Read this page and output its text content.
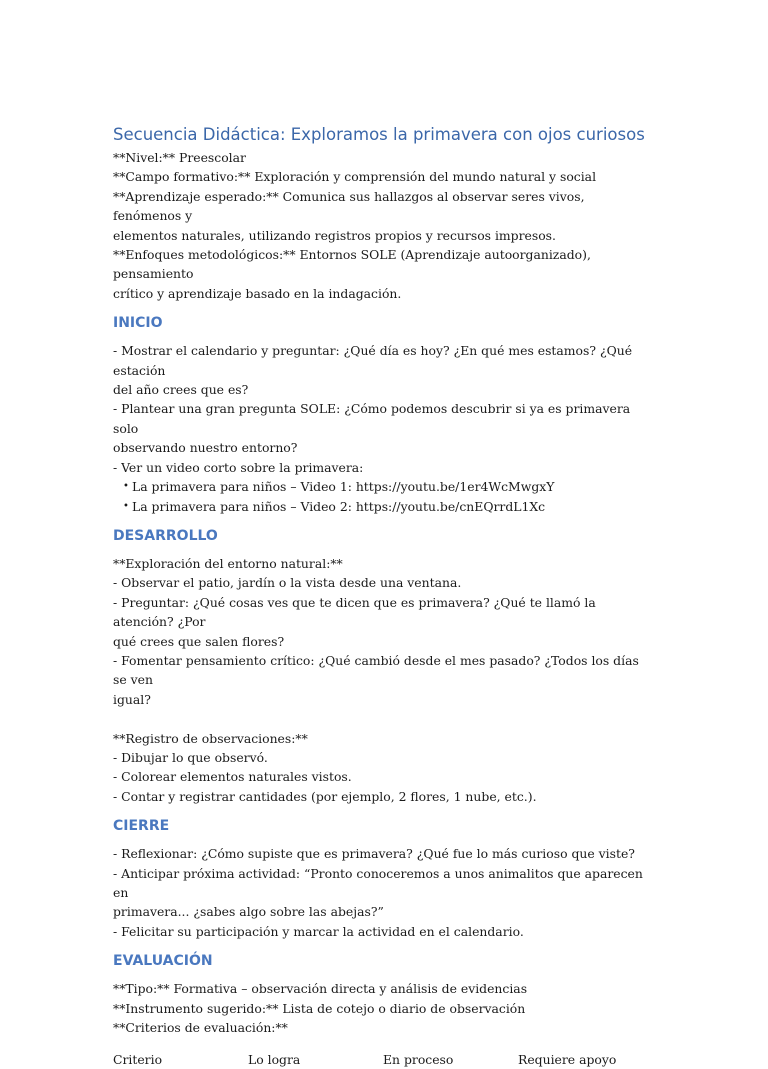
Secuencia Didáctica: Exploramos la primavera con ojos curiosos

**Nivel:** Preescolar

**Campo formativo:** Exploración y comprensión del mundo natural y social

**Aprendizaje esperado:** Comunica sus hallazgos al observar seres vivos, fenómenos y

elementos naturales, utilizando registros propios y recursos impresos.

**Enfoques metodológicos:** Entornos SOLE (Aprendizaje autoorganizado), pensamiento

crítico y aprendizaje basado en la indagación.

INICIO

- Mostrar el calendario y preguntar: ¿Qué día es hoy? ¿En qué mes estamos? ¿Qué estación

del año crees que es?

- Plantear una gran pregunta SOLE: ¿Cómo podemos descubrir si ya es primavera solo

observando nuestro entorno?

- Ver un video corto sobre la primavera:

• La primavera para niños – Video 1: https://youtu.be/1er4WcMwgxY
• La primavera para niños – Video 2: https://youtu.be/cnEQrrdL1Xc
DESARROLLO

**Exploración del entorno natural:**

- Observar el patio, jardín o la vista desde una ventana.

- Preguntar: ¿Qué cosas ves que te dicen que es primavera? ¿Qué te llamó la atención? ¿Por

qué crees que salen flores?

- Fomentar pensamiento crítico: ¿Qué cambió desde el mes pasado? ¿Todos los días se ven

igual?

**Registro de observaciones:**

- Dibujar lo que observó.

- Colorear elementos naturales vistos.

- Contar y registrar cantidades (por ejemplo, 2 flores, 1 nube, etc.).

CIERRE

- Reflexionar: ¿Cómo supiste que es primavera? ¿Qué fue lo más curioso que viste?

- Anticipar próxima actividad: “Pronto conoceremos a unos animalitos que aparecen en

primavera... ¿sabes algo sobre las abejas?”

- Felicitar su participación y marcar la actividad en el calendario.

EVALUACIÓN

**Tipo:** Formativa – observación directa y análisis de evidencias

**Instrumento sugerido:** Lista de cotejo o diario de observación

**Criterios de evaluación:**

Criterio	Lo logra	En proceso	Requiere apoyo
